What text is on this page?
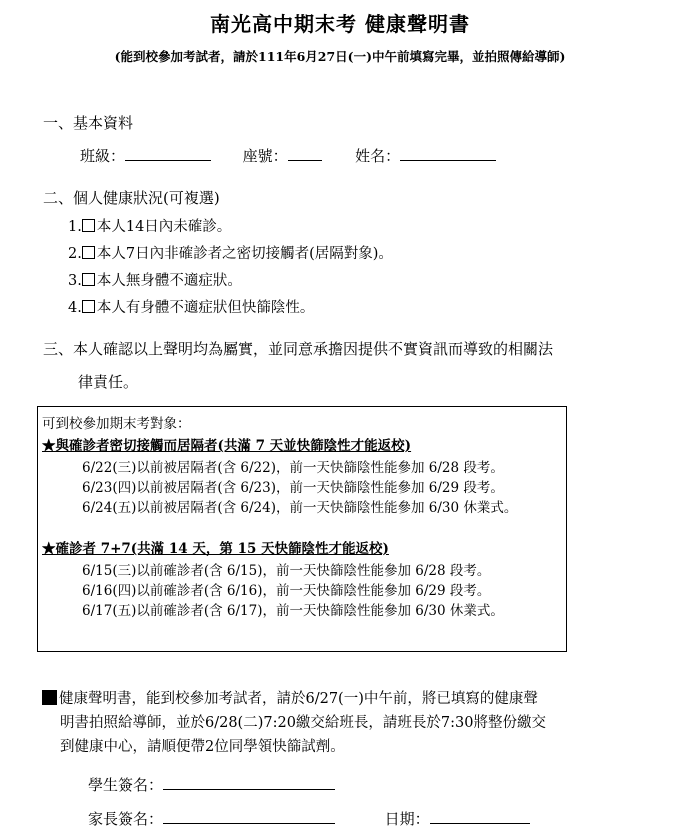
南光高中期末考 健康聲明書
(能到校參加考試者，請於111年6月27日(一)中午前填寫完畢，並拍照傳給導師)
一、基本資料
班級：	座號：	姓名：
二、個人健康狀況(可複選)
1. 本人14日內未確診。
2. 本人7日內非確診者之密切接觸者(居隔對象)。
3. 本人無身體不適症狀。
4. 本人有身體不適症狀但快篩陰性。
三、本人確認以上聲明均為屬實，並同意承擔因提供不實資訊而導致的相關法
律責任。
可到校參加期末考對象：
★與確診者密切接觸而居隔者(共滿 7 天並快篩陰性才能返校)
6/22(三)以前被居隔者(含 6/22)，前一天快篩陰性能參加 6/28 段考。
6/23(四)以前被居隔者(含 6/23)，前一天快篩陰性能參加 6/29 段考。
6/24(五)以前被居隔者(含 6/24)，前一天快篩陰性能參加 6/30 休業式。
★確診者 7+7(共滿 14 天，第 15 天快篩陰性才能返校)
6/15(三)以前確診者(含 6/15)，前一天快篩陰性能參加 6/28 段考。
6/16(四)以前確診者(含 6/16)，前一天快篩陰性能參加 6/29 段考。
6/17(五)以前確診者(含 6/17)，前一天快篩陰性能參加 6/30 休業式。
健康聲明書，能到校參加考試者，請於6/27(一)中午前，將已填寫的健康聲
明書拍照給導師，並於6/28(二)7:20繳交給班長，請班長於7:30將整份繳交
到健康中心，請順便帶2位同學領快篩試劑。
學生簽名：
家長簽名：	日期：
